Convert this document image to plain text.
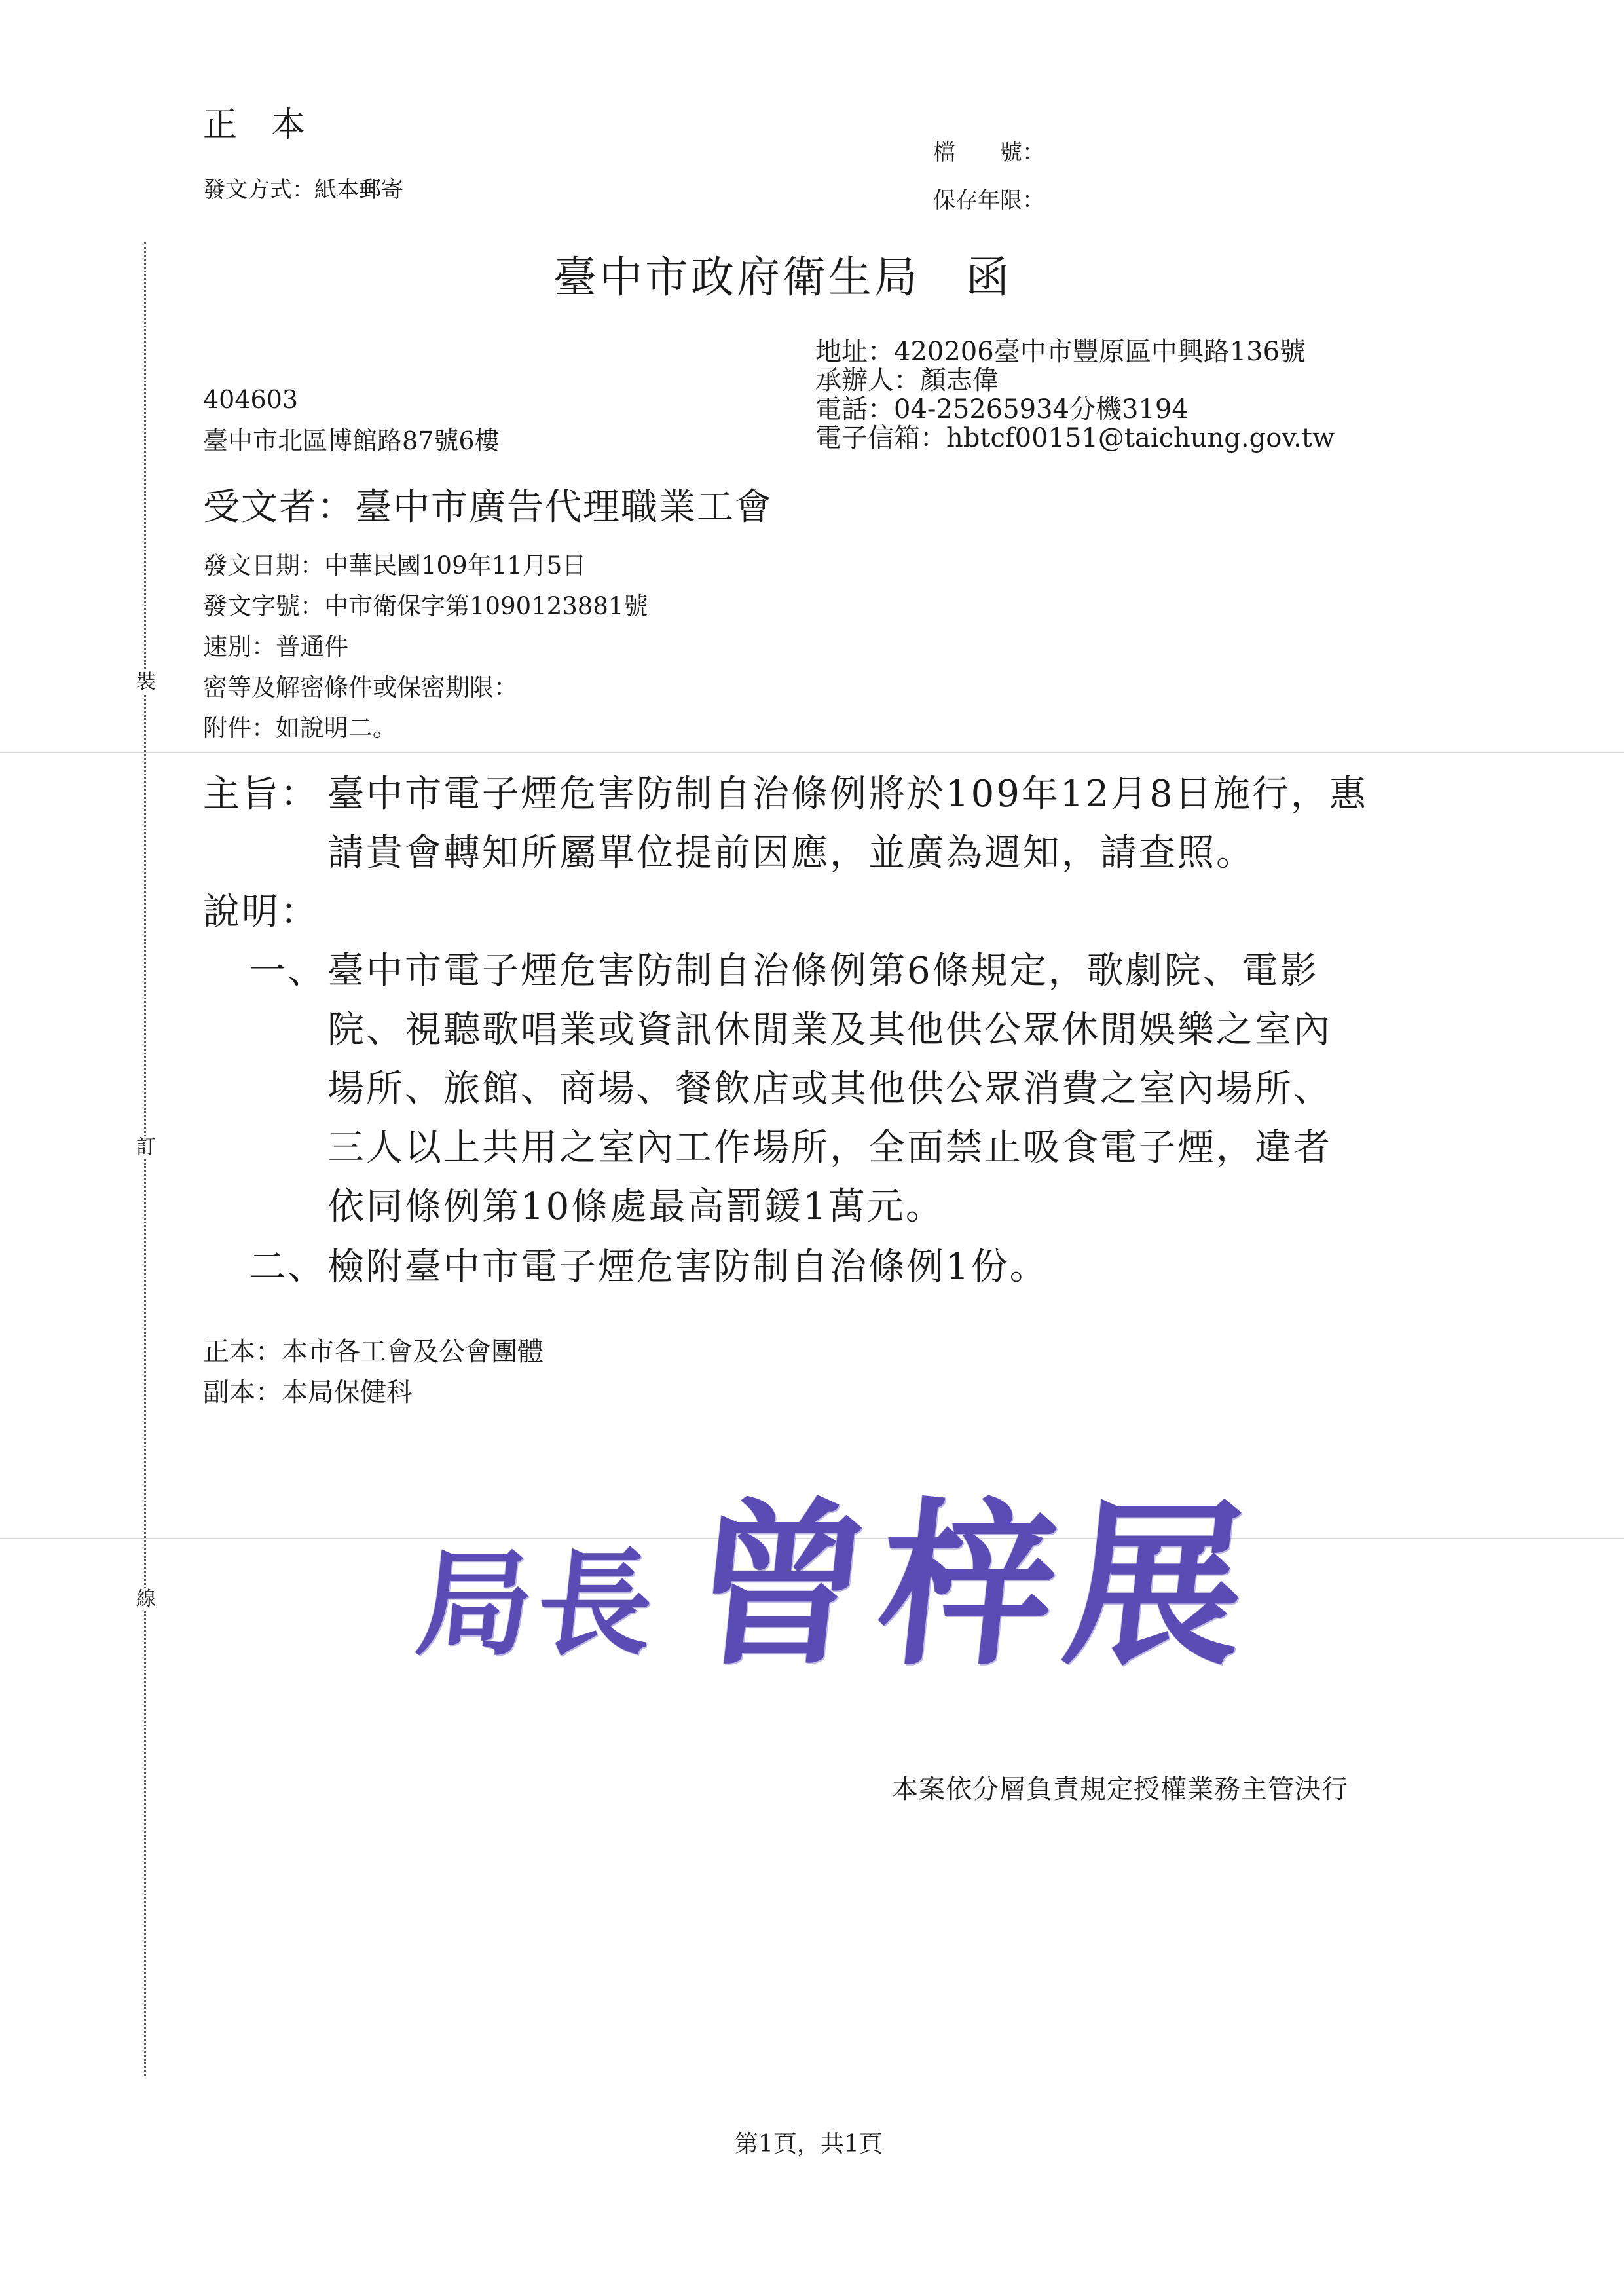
裝
訂
線
正　本
發文方式：紙本郵寄
檔　　號：
保存年限：
臺中市政府衛生局　函
地址：420206臺中市豐原區中興路136號
承辦人：顏志偉
電話：04-25265934分機3194
電子信箱：hbtcf00151@taichung.gov.tw
404603
臺中市北區博館路87號6樓
受文者：臺中市廣告代理職業工會
發文日期：中華民國109年11月5日
發文字號：中市衛保字第1090123881號
速別：普通件
密等及解密條件或保密期限：
附件：如說明二。
主旨： 臺中市電子煙危害防制自治條例將於109年12月8日施行，惠
請貴會轉知所屬單位提前因應，並廣為週知，請查照。
說明：
一、 臺中市電子煙危害防制自治條例第6條規定，歌劇院、電影
院、視聽歌唱業或資訊休閒業及其他供公眾休閒娛樂之室內
場所、旅館、商場、餐飲店或其他供公眾消費之室內場所、
三人以上共用之室內工作場所，全面禁止吸食電子煙，違者
依同條例第10條處最高罰鍰1萬元。
二、 檢附臺中市電子煙危害防制自治條例1份。
正本：本市各工會及公會團體
副本：本局保健科
局長 曾梓展
本案依分層負責規定授權業務主管決行
第1頁，共1頁
